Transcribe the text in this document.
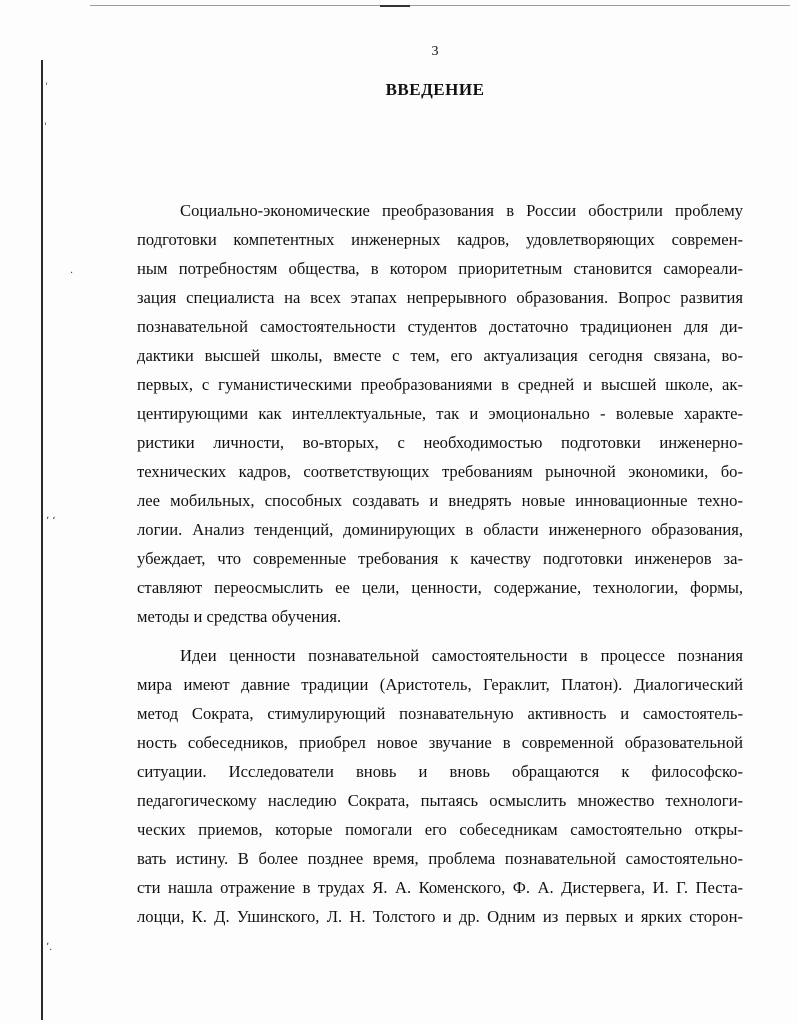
ˈ
ˈ
·
ʼ ʻ
ʼ.
3
ВВЕДЕНИЕ
Социально-экономические преобразования в России обострили проблему
подготовки компетентных инженерных кадров, удовлетворяющих современ-
ным потребностям общества, в котором приоритетным становится самореали-
зация специалиста на всех этапах непрерывного образования. Вопрос развития
познавательной самостоятельности студентов достаточно традиционен для ди-
дактики высшей школы, вместе с тем, его актуализация сегодня связана, во-
первых, с гуманистическими преобразованиями в средней и высшей школе, ак-
центирующими как интеллектуальные, так и эмоционально - волевые характе-
ристики личности, во-вторых, с необходимостью подготовки инженерно-
технических кадров, соответствующих требованиям рыночной экономики, бо-
лее мобильных, способных создавать и внедрять новые инновационные техно-
логии. Анализ тенденций, доминирующих в области инженерного образования,
убеждает, что современные требования к качеству подготовки инженеров за-
ставляют переосмыслить ее цели, ценности, содержание, технологии, формы,
методы и средства обучения.
Идеи ценности познавательной самостоятельности в процессе познания
мира имеют давние традиции (Аристотель, Гераклит, Платон). Диалогический
метод Сократа, стимулирующий познавательную активность и самостоятель-
ность собеседников, приобрел новое звучание в современной образовательной
ситуации. Исследователи вновь и вновь обращаются к философско-
педагогическому наследию Сократа, пытаясь осмыслить множество технологи-
ческих приемов, которые помогали его собеседникам самостоятельно откры-
вать истину. В более позднее время, проблема познавательной самостоятельно-
сти нашла отражение в трудах Я. А. Коменского, Ф. А. Дистервега, И. Г. Песта-
лоцци, К. Д. Ушинского, Л. Н. Толстого и др. Одним из первых и ярких сторон-
